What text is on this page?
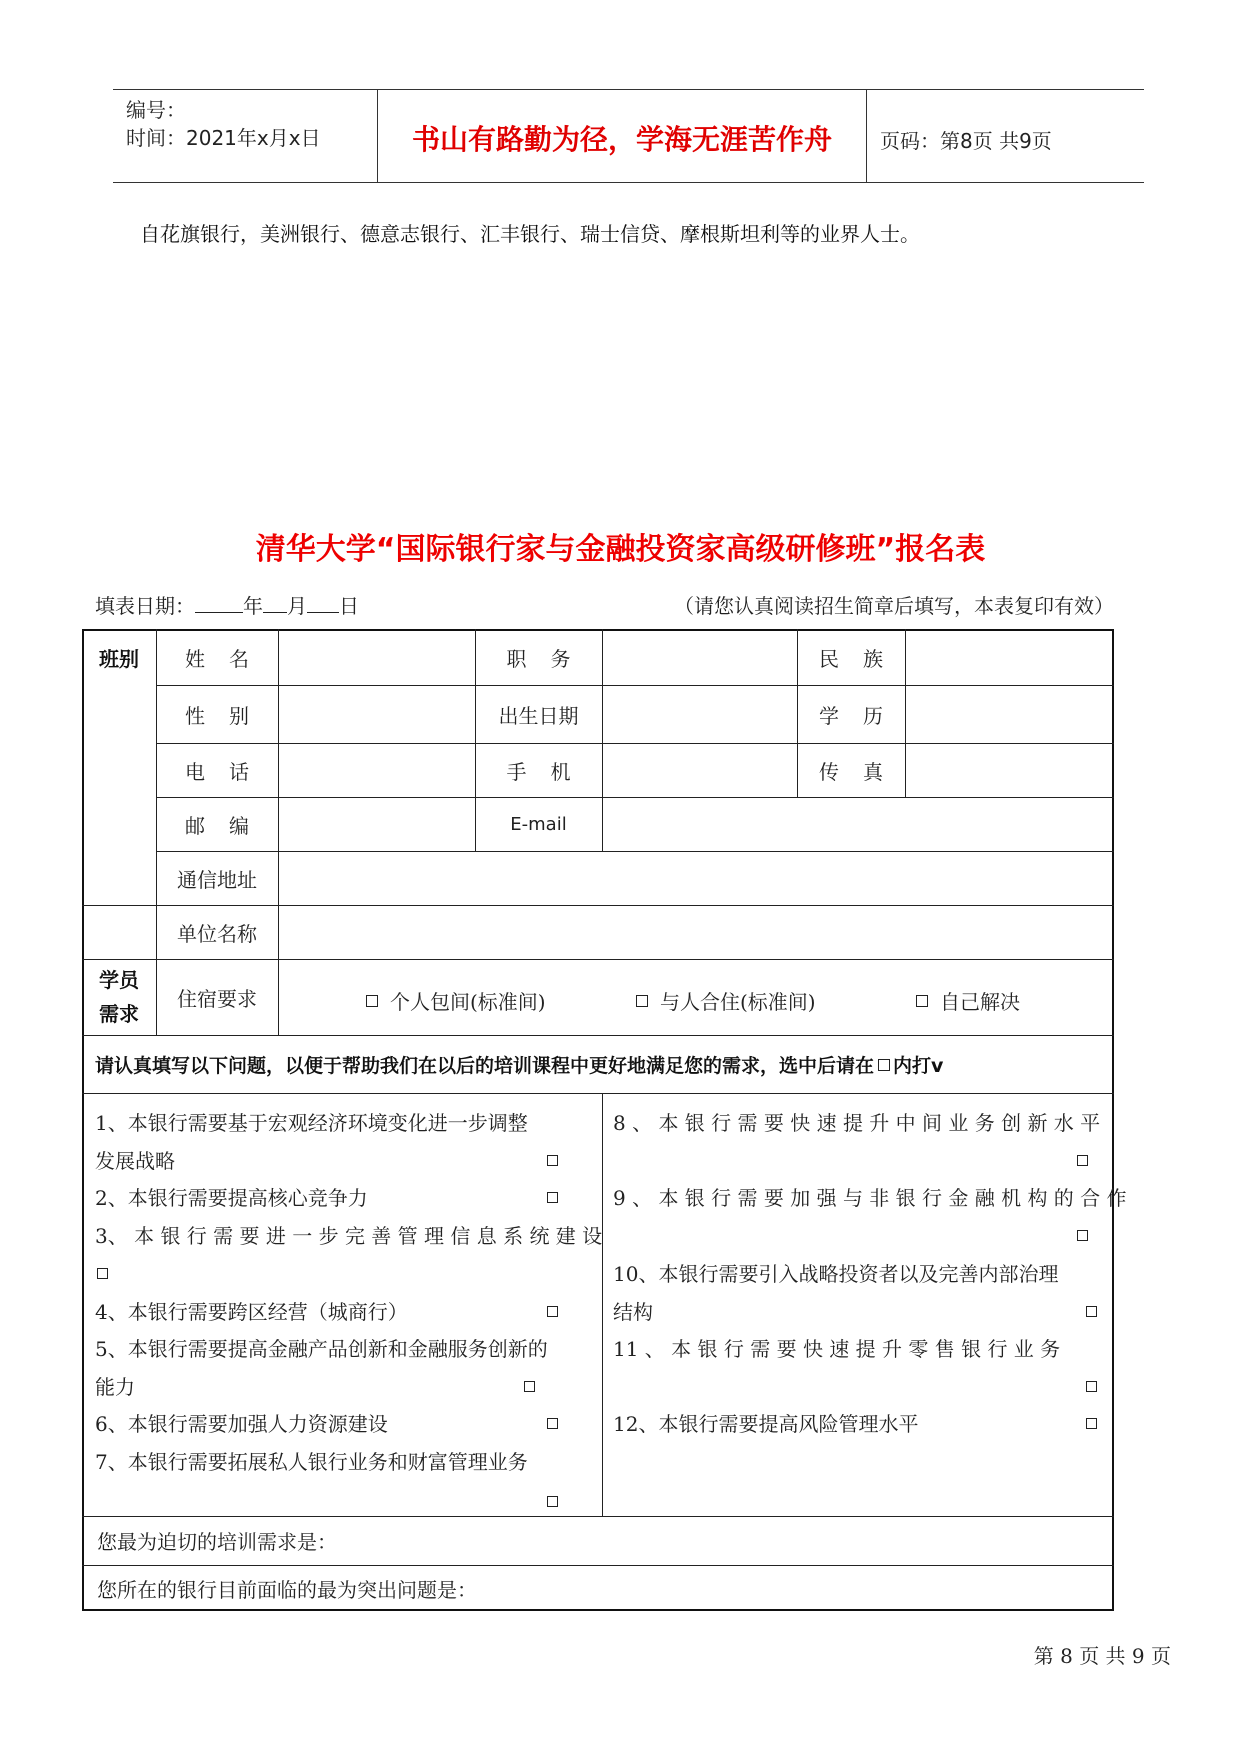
编号：
时间：2021年x月x日	书山有路勤为径，学海无涯苦作舟	页码：第8页 共9页
自花旗银行，美洲银行、德意志银行、汇丰银行、瑞士信贷、摩根斯坦利等的业界人士。
清华大学“国际银行家与金融投资家高级研修班”报名表
填表日期： 年 月 日	（请您认真阅读招生简章后填写，本表复印有效）
班别	姓名	职务	民族
性别	出生日期	学历
电话	手机	传真
邮编	E-mail
通信地址
单位名称
学员
需求
住宿要求	个人包间(标准间)	与人合住(标准间)	自己解决
请认真填写以下问题，以便于帮助我们在以后的培训课程中更好地满足您的需求，选中后请在 内打v
1、本银行需要基于宏观经济环境变化进一步调整
发展战略
2、本银行需要提高核心竞争力
3、 本 银 行 需 要 进 一 步 完 善 管 理 信 息 系 统 建 设
4、本银行需要跨区经营（城商行）
5、本银行需要提高金融产品创新和金融服务创新的
能力
6、本银行需要加强人力资源建设
7、本银行需要拓展私人银行业务和财富管理业务
8 、 本 银 行 需 要 快 速 提 升 中 间 业 务 创 新 水 平
9 、 本 银 行 需 要 加 强 与 非 银 行 金 融 机 构 的 合 作
10、本银行需要引入战略投资者以及完善内部治理
结构
11 、 本 银 行 需 要 快 速 提 升 零 售 银 行 业 务
12、本银行需要提高风险管理水平
您最为迫切的培训需求是：
您所在的银行目前面临的最为突出问题是：
第 8 页 共 9 页
